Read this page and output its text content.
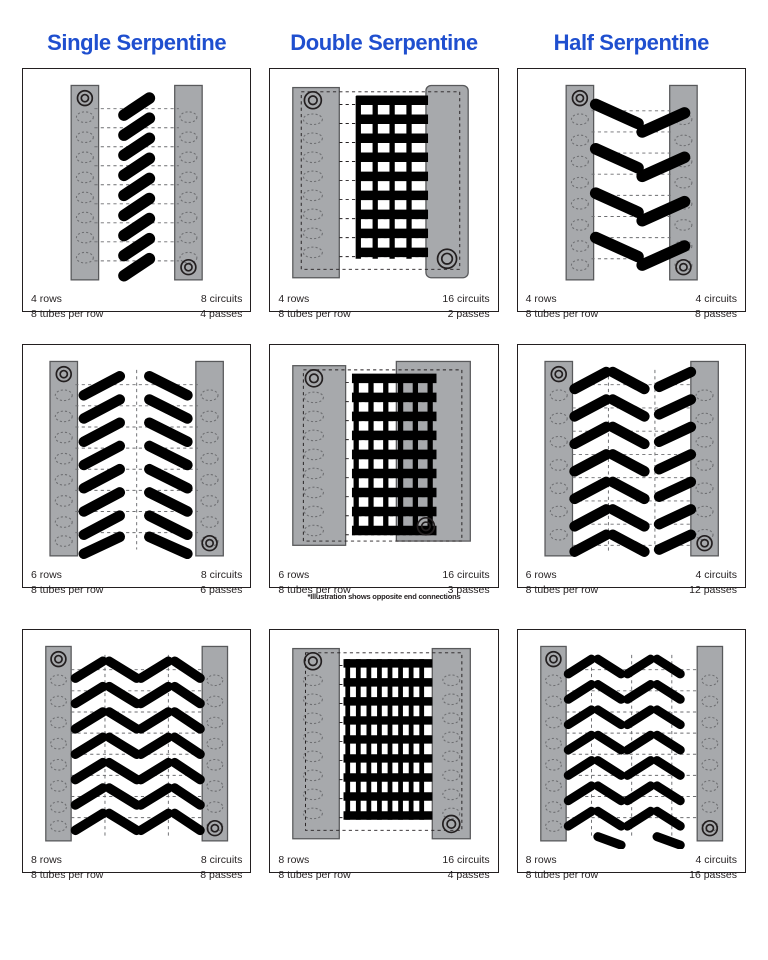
Single Serpentine	Double Serpentine	Half Serpentine
4 rows	8 circuits
8 tubes per row	4 passes
4 rows	16 circuits
8 tubes per row	2 passes
4 rows	4 circuits
8 tubes per row	8 passes
6 rows	8 circuits
8 tubes per row	6 passes
6 rows	16 circuits
8 tubes per row	3 passes
*Illustration shows opposite end connections
6 rows	4 circuits
8 tubes per row	12 passes
8 rows	8 circuits
8 tubes per row	8 passes
8 rows	16 circuits
8 tubes per row	4 passes
8 rows	4 circuits
8 tubes per row	16 passes
